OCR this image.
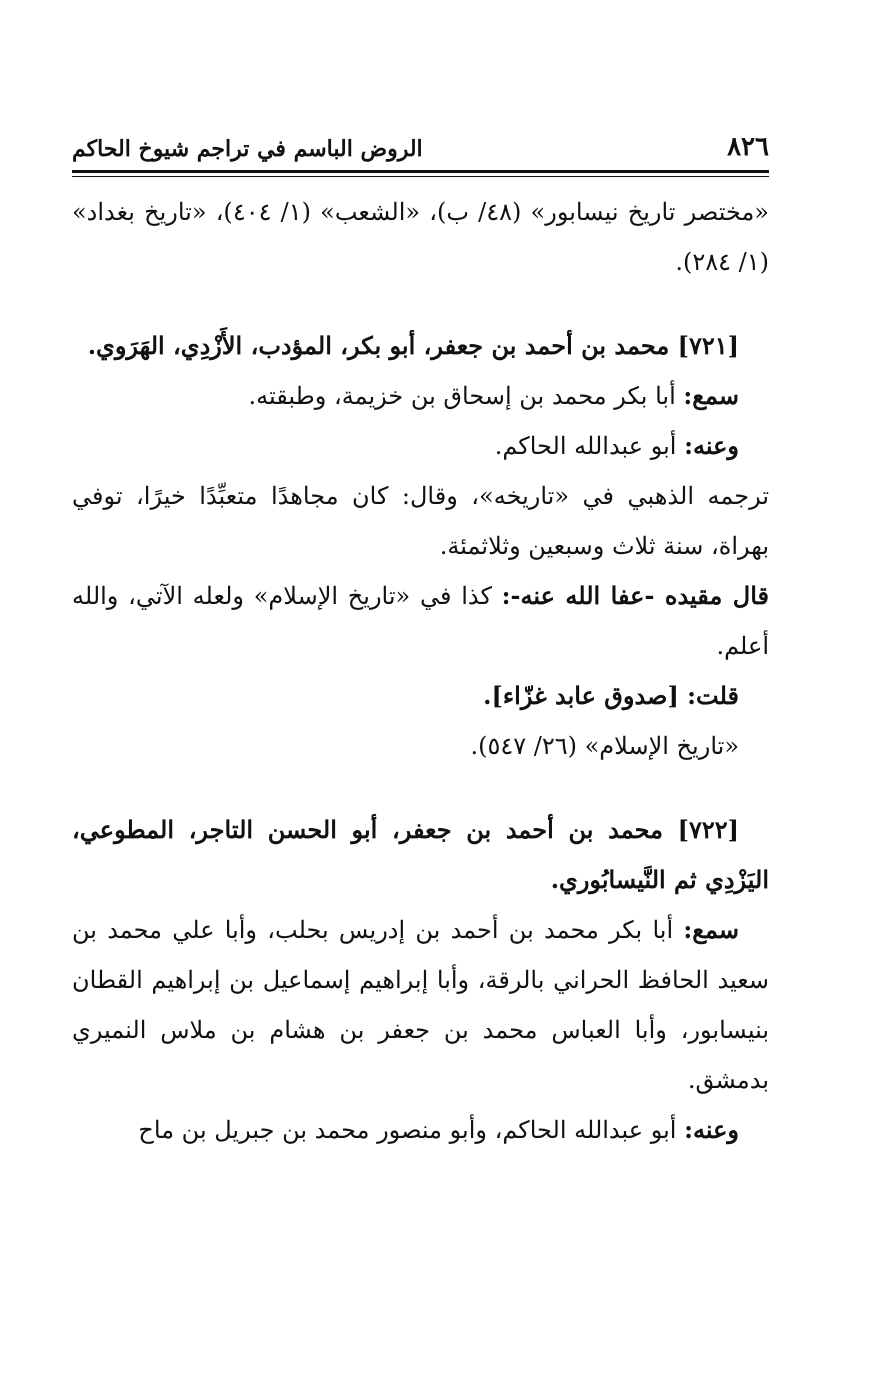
٨٢٦
الروض الباسم في تراجم شيوخ الحاكم

«مختصر تاريخ نيسابور» (٤٨/ ب)، «الشعب» (١/ ٤٠٤)، «تاريخ بغداد» (١/ ٢٨٤).

[٧٢١] محمد بن أحمد بن جعفر، أبو بكر، المؤدب، الأَزْدِي، الهَرَوي.

سمع: أبا بكر محمد بن إسحاق بن خزيمة، وطبقته.

وعنه: أبو عبدالله الحاكم.

ترجمه الذهبي في «تاريخه»، وقال: كان مجاهدًا متعبِّدًا خيرًا، توفي بهراة، سنة ثلاث وسبعين وثلاثمئة.

قال مقيده -عفا الله عنه-: كذا في «تاريخ الإسلام» ولعله الآتي، والله أعلم.

قلت: [صدوق عابد غزّاء].

«تاريخ الإسلام» (٢٦/ ٥٤٧).

[٧٢٢] محمد بن أحمد بن جعفر، أبو الحسن التاجر، المطوعي، اليَزْدِي ثم النَّيسابُوري.

سمع: أبا بكر محمد بن أحمد بن إدريس بحلب، وأبا علي محمد بن سعيد الحافظ الحراني بالرقة، وأبا إبراهيم إسماعيل بن إبراهيم القطان بنيسابور، وأبا العباس محمد بن جعفر بن هشام بن ملاس النميري بدمشق.

وعنه: أبو عبدالله الحاكم، وأبو منصور محمد بن جبريل بن ماح
